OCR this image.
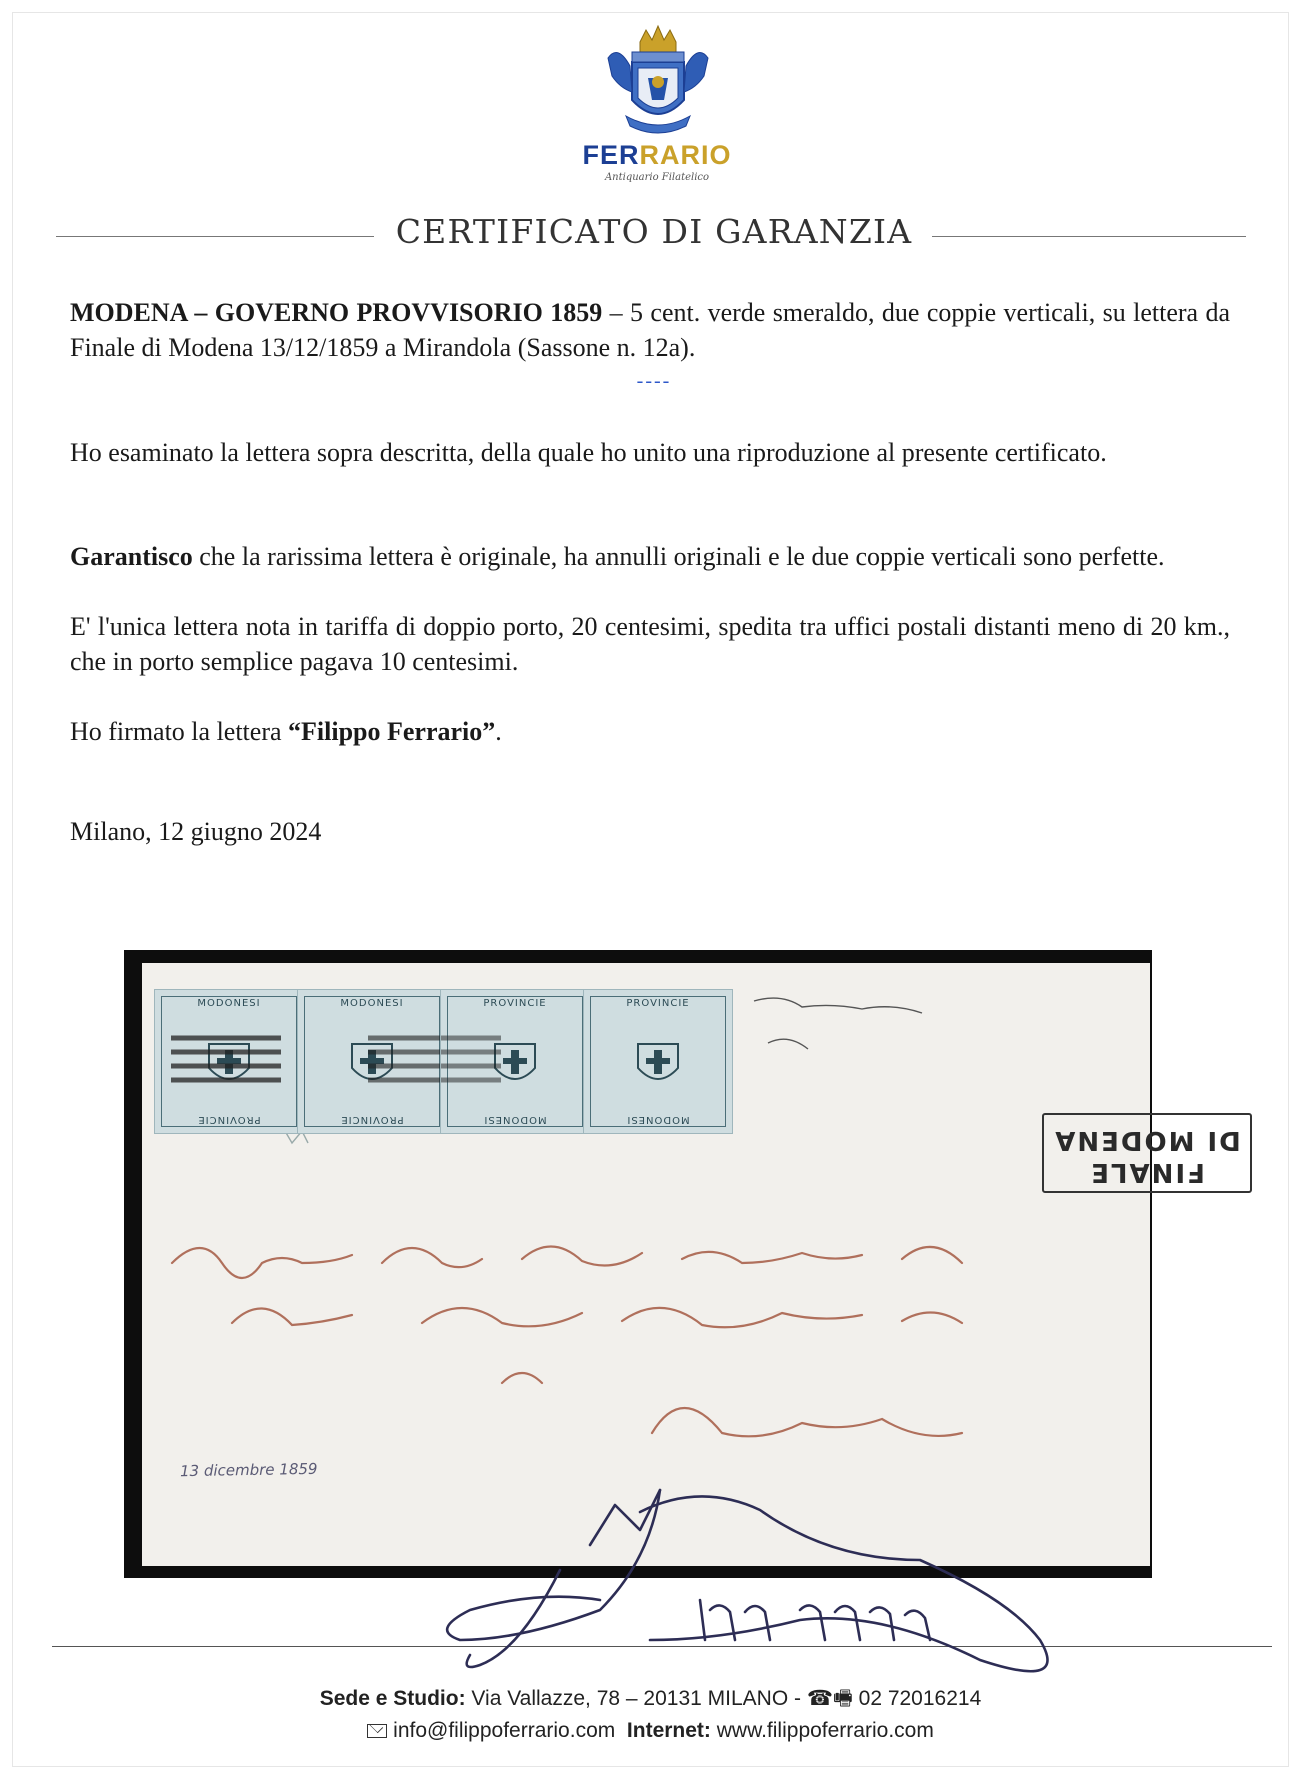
FERRARIO
Antiquario Filatelico
CERTIFICATO DI GARANZIA
MODENA – GOVERNO PROVVISORIO 1859 – 5 cent. verde smeraldo, due coppie verticali, su lettera da Finale di Modena 13/12/1859 a Mirandola (Sassone n. 12a).
----
Ho esaminato la lettera sopra descritta, della quale ho unito una riproduzione al presente certificato.
Garantisco che la rarissima lettera è originale, ha annulli originali e le due coppie verticali sono perfette.
E' l'unica lettera nota in tariffa di doppio porto, 20 centesimi, spedita tra uffici postali distanti meno di 20 km., che in porto semplice pagava 10 centesimi.
Ho firmato la lettera “Filippo Ferrario”.
Milano, 12 giugno 2024
MODONESI
PROVINCIE
MODONESI
PROVINCIE
PROVINCIE
MODONESI
PROVINCIE
MODONESI
FINALE
DI MODENA
13 dicembre 1859
Sede e Studio: Via Vallazze, 78 – 20131 MILANO - ☎🖷 02 72016214
info@filippoferrario.com Internet: www.filippoferrario.com
